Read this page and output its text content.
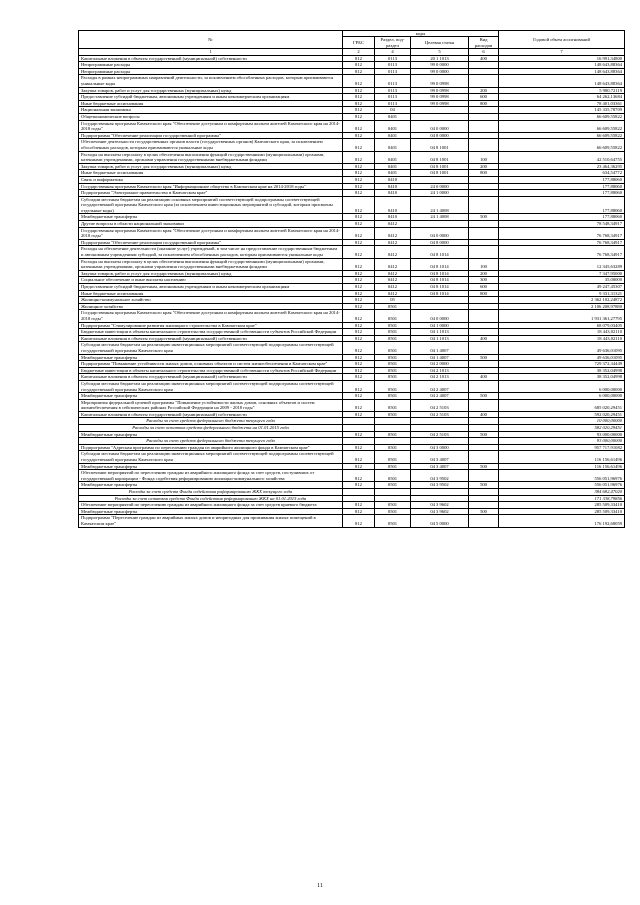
№	коды				Годовой объем ассигнований
	ГРБС	Раздел, под-раздел	Целевая статья	Вид расходов	
1	2	4	5	6	7
Капитальные вложения в объекты государственной (муниципальной) собственности	812	0113	20 1 1013	400	16 991,34800
Непрограммные расходы	812	0113	99 0 0000		148 643,88364
Непрограммные расходы	812	0113	99 0 0000		148 643,88364
Расходы в рамках непрограммных направлений деятельности, за исключением обособленных расходов, которым присваиваются уникальные коды	812	0113	99 0 0998		148 643,88364
Закупка товаров, работ и услуг для государственных (муниципальных) нужд	812	0113	99 0 0998	200	5 980,72119
Предоставление субсидий бюджетным, автономным учреждениям и иным некоммерческим организациям	812	0113	99 0 0998	600	64 262,13684
Иные бюджетные ассигнования	812	0113	99 0 0998	800	78 401,03361
Национальная экономика	812	04			145 335,78709
Общеэкономические вопросы	812	0401			66 609,55822
Государственная программа Камчатского края "Обеспечение доступным и комфортным жильем жителей Камчатского края на 2014-2018 годы"	812	0401	04 0 0000		66 609,55822
Подпрограмма "Обеспечение реализации государственной программы"	812	0401	04 8 0000		66 609,55822
Обеспечение деятельности государственных органов власти (государственных органов) Камчатского края, за исключением обособленных расходов, которым присваиваются уникальные коды	812	0401	04 8 1001		66 609,55822
Расходы на выплаты персоналу в целях обеспечения выполнения функций государственными (муниципальными) органами, казенными учреждениями, органами управления государственными внебюджетными фондами	812	0401	04 8 1001	100	42 510,64755
Закупка товаров, работ и услуг для государственных (муниципальных) нужд	812	0401	04 8 1001	200	23 464,36295
Иные бюджетные ассигнования	812	0401	04 8 1001	800	634,54772
Связь и информатика	812	0410			177,88060
Государственная программа Камчатского края "Информационное общество в Камчатском крае на 2014-2018 годы"	812	0410	24 0 0000		177,88060
Подпрограмма "Электронное правительство в Камчатском крае"	812	0410	24 1 0000		177,88060
Субсидии местным бюджетам на реализацию основных мероприятий соответствующей подпрограммы соответствующей государственной программы Камчатского края (за исключением инвестиционных мероприятий и субсидий, которым присвоены отдельные коды)	812	0410	24 1 4008		177,88060
Межбюджетные трансферты	812	0410	24 1 4008	500	177,88060
Другие вопросы в области национальной экономики	812	0412			78 548,34917
Государственная программа Камчатского края "Обеспечение доступным и комфортным жильем жителей Камчатского края на 2014-2018 годы"	812	0412	04 0 0000		76 768,34917
Подпрограмма "Обеспечение реализации государственной программы"	812	0412	04 8 0000		76 768,34917
Расходы на обеспечение деятельности (оказание услуг) учреждений, в том числе на предоставление государственным бюджетным и автономным учреждениям субсидий, за исключением обособленных расходов, которым присваиваются уникальные коды	812	0412	04 8 1014		76 768,34917
Расходы на выплаты персоналу в целях обеспечения выполнения функций государственными (муниципальными) органами, казенными учреждениями, органами управления государственными внебюджетными фондами	812	0412	04 8 1014	100	12 345,63289
Закупка товаров, работ и услуг для государственных (муниципальных) нужд	812	0412	04 8 1014	200	7 347,95000
Социальное обеспечение и иные выплаты населению	812	0412	04 8 1014	300	35,00000
Предоставление субсидий бюджетным, автономным учреждениям и иным некоммерческим организациям	812	0412	04 8 1014	600	49 247,45307
Иные бюджетные ассигнования	812	0412	04 8 1014	800	9 331,31321
Жилищно-коммунальное хозяйство	812	05			2 362 102,24872
Жилищное хозяйство	812	0501			2 106 208,97880
Государственная программа Камчатского края "Обеспечение доступным и комфортным жильем жителей Камчатского края на 2014-2018 годы"	812	0501	04 0 0000		1 931 361,27795
Подпрограмма "Стимулирование развития жилищного строительства в Камчатском крае"	812	0501	04 1 0000		68 079,03405
Бюджетные инвестиции в объекты капитального строительства государственной собственности субъектов Российской Федерации	812	0501	04 1 1013		18 443,02110
Капитальные вложения в объекты государственной (муниципальной) собственности	812	0501	04 1 1013	400	18 443,02110
Субсидии местным бюджетам на реализацию инвестиционных мероприятий соответствующей подпрограммы соответствующей государственной программы Камчатского края	812	0501	04 1 4007		49 636,01095
Межбюджетные трансферты	812	0501	04 1 4007	500	49 636,01095
Подпрограмма "Повышение устойчивости жилых домов, основных объектов и систем жизнеобеспечения в Камчатском крае"	812	0501	04 2 0000		729 372,34449
Бюджетные инвестиции в объекты капитального строительства государственной собственности субъектов Российской Федерации	812	0501	04 2 1013		38 352,04998
Капитальные вложения в объекты государственной (муниципальной) собственности	812	0501	04 2 1013	400	38 352,04998
Субсидии местным бюджетам на реализацию инвестиционных мероприятий соответствующей подпрограммы соответствующей государственной программы Камчатского края	812	0501	04 2 4007		6 000,00000
Межбюджетные трансферты	812	0501	04 2 4007	500	6 000,00000
Мероприятия федеральной целевой программы "Повышение устойчивости жилых домов, основных объектов и систем жизнеобеспечения в сейсмических районах Российской Федерации на 2009 - 2018 годы"	812	0501	04 2 5103		685 020,29451
Капитальные вложения в объекты государственной (муниципальной) собственности	812	0501	04 2 5103	400	592 020,29451
Расходы за счет средств федерального бюджета текущего года					10 000,00000
Расходы за счет остатков средств федерального бюджета на 01.01.2015 года					582 020,29451
Межбюджетные трансферты	812	0501	04 2 5103	500	93 000,00000
Расходы за счет средств федерального бюджета текущего года					93 000,00000
Подпрограмма "Адресная программа по переселению граждан из аварийного жилищного фонда в Камчатском крае"	812	0501	04 3 0000		957 717,91082
Субсидии местным бюджетам на реализацию инвестиционных мероприятий соответствующей подпрограммы соответствующей государственной программы Камчатского края	812	0501	04 3 4007		116 156,61496
Межбюджетные трансферты	812	0501	04 3 4007	500	116 156,61496
Обеспечение мероприятий по переселению граждан из аварийного жилищного фонда за счет средств, поступивших от государственной корпорации - Фонда содействия реформированию жилищно-коммунального хозяйства	812	0501	04 3 9502		556 051,96976
Межбюджетные трансферты	812	0501	04 3 9502	500	556 051,96976
Расходы за счет средств Фонда содействия реформированию ЖКХ текущего года					384 682,47020
Расходы за счет остатков средств Фонда содействия реформированию ЖКХ на 01.01.2015 года					171 338,79856
Обеспечение мероприятий по переселению граждан из аварийного жилищного фонда за счет средств краевого бюджета	812	0501	04 3 9602		285 509,33410
Межбюджетные трансферты	812	0501	04 3 9602	500	285 509,33410
Подпрограмма "Переселение граждан из аварийных жилых домов и непригодных для проживания жилых помещений в Камчатском крае"	812	0501	04 5 0000		176 192,68059
11
